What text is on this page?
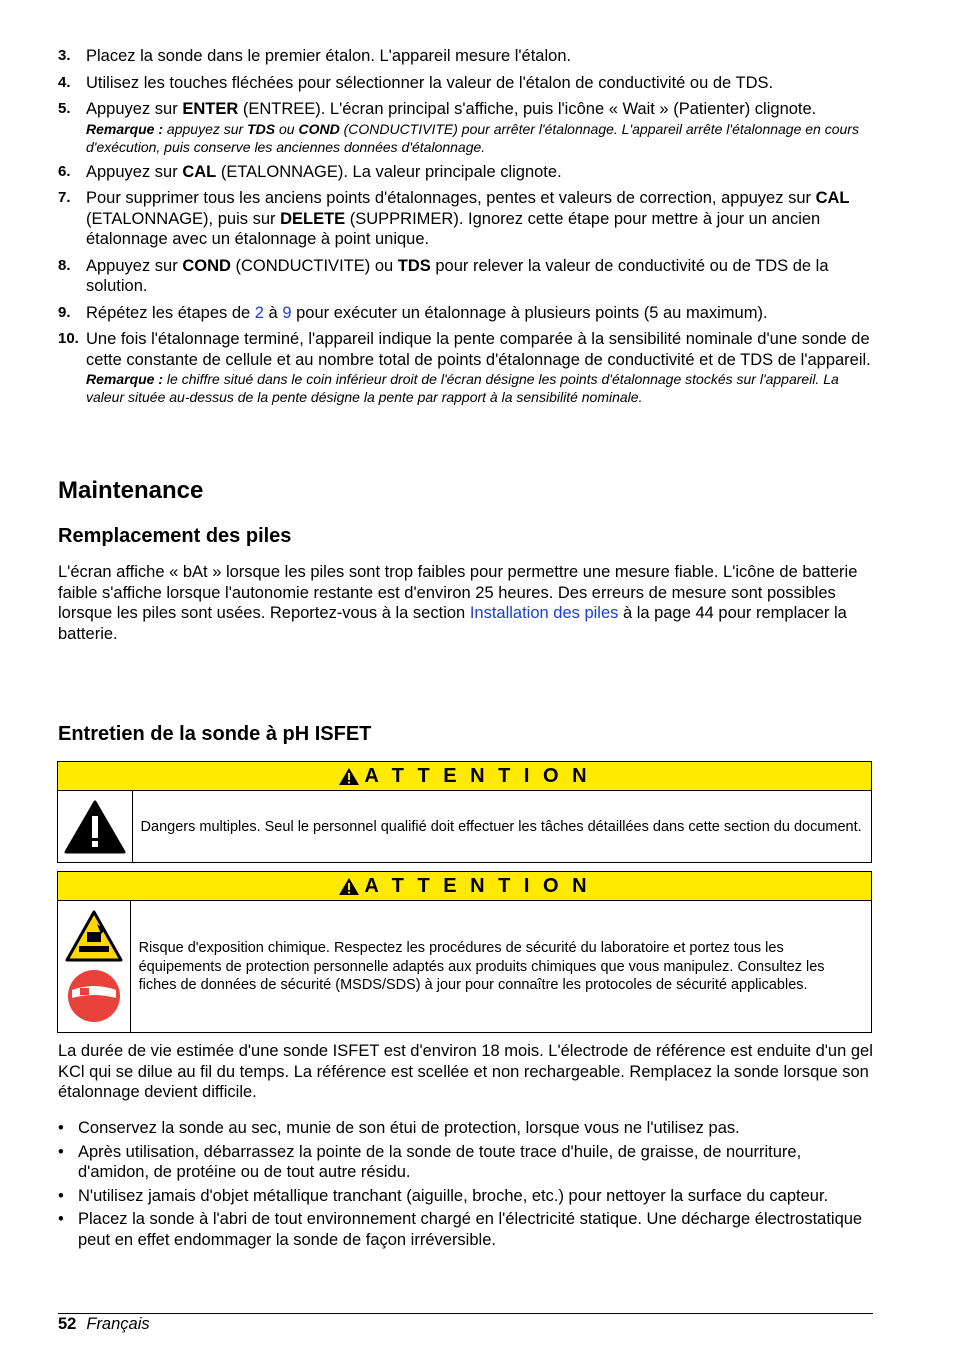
3. Placez la sonde dans le premier étalon. L'appareil mesure l'étalon.
4. Utilisez les touches fléchées pour sélectionner la valeur de l'étalon de conductivité ou de TDS.
5. Appuyez sur ENTER (ENTREE). L'écran principal s'affiche, puis l'icône « Wait » (Patienter) clignote.
Remarque : appuyez sur TDS ou COND (CONDUCTIVITE) pour arrêter l'étalonnage. L'appareil arrête l'étalonnage en cours d'exécution, puis conserve les anciennes données d'étalonnage.
6. Appuyez sur CAL (ETALONNAGE). La valeur principale clignote.
7. Pour supprimer tous les anciens points d'étalonnages, pentes et valeurs de correction, appuyez sur CAL (ETALONNAGE), puis sur DELETE (SUPPRIMER). Ignorez cette étape pour mettre à jour un ancien étalonnage avec un étalonnage à point unique.
8. Appuyez sur COND (CONDUCTIVITE) ou TDS pour relever la valeur de conductivité ou de TDS de la solution.
9. Répétez les étapes de 2 à 9 pour exécuter un étalonnage à plusieurs points (5 au maximum).
10. Une fois l'étalonnage terminé, l'appareil indique la pente comparée à la sensibilité nominale d'une sonde de cette constante de cellule et au nombre total de points d'étalonnage de conductivité et de TDS de l'appareil.
Remarque : le chiffre situé dans le coin inférieur droit de l'écran désigne les points d'étalonnage stockés sur l'appareil. La valeur située au-dessus de la pente désigne la pente par rapport à la sensibilité nominale.
Maintenance
Remplacement des piles

L'écran affiche « bAt » lorsque les piles sont trop faibles pour permettre une mesure fiable. L'icône de batterie faible s'affiche lorsque l'autonomie restante est d'environ 25 heures. Des erreurs de mesure sont possibles lorsque les piles sont usées. Reportez-vous à la section Installation des piles à la page 44 pour remplacer la batterie.

Entretien de la sonde à pH ISFET
A T T E N T I O N
Dangers multiples. Seul le personnel qualifié doit effectuer les tâches détaillées dans cette section du document.
A T T E N T I O N
Risque d'exposition chimique. Respectez les procédures de sécurité du laboratoire et portez tous les équipements de protection personnelle adaptés aux produits chimiques que vous manipulez. Consultez les fiches de données de sécurité (MSDS/SDS) à jour pour connaître les protocoles de sécurité applicables.

La durée de vie estimée d'une sonde ISFET est d'environ 18 mois. L'électrode de référence est enduite d'un gel KCl qui se dilue au fil du temps. La référence est scellée et non rechargeable. Remplacez la sonde lorsque son étalonnage devient difficile.

• Conservez la sonde au sec, munie de son étui de protection, lorsque vous ne l'utilisez pas.
• Après utilisation, débarrassez la pointe de la sonde de toute trace d'huile, de graisse, de nourriture, d'amidon, de protéine ou de tout autre résidu.
• N'utilisez jamais d'objet métallique tranchant (aiguille, broche, etc.) pour nettoyer la surface du capteur.
• Placez la sonde à l'abri de tout environnement chargé en l'électricité statique. Une décharge électrostatique peut en effet endommager la sonde de façon irréversible.
52 Français
